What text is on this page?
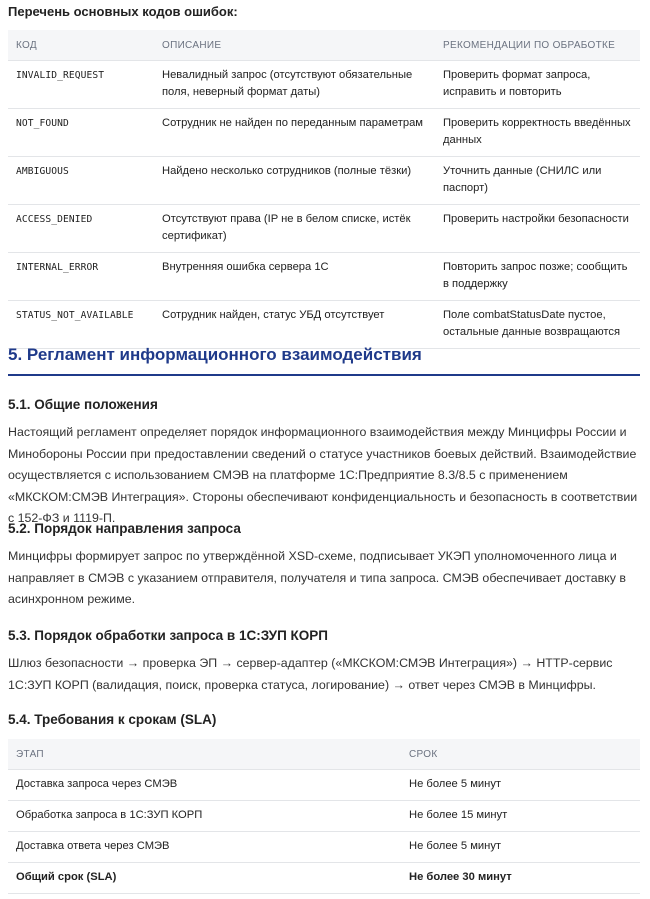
Перечень основных кодов ошибок:
КОД	ОПИСАНИЕ	РЕКОМЕНДАЦИИ ПО ОБРАБОТКЕ
INVALID_REQUEST	Невалидный запрос (отсутствуют обязательные поля, неверный формат даты)	Проверить формат запроса, исправить и повторить
NOT_FOUND	Сотрудник не найден по переданным параметрам	Проверить корректность введённых данных
AMBIGUOUS	Найдено несколько сотрудников (полные тёзки)	Уточнить данные (СНИЛС или паспорт)
ACCESS_DENIED	Отсутствуют права (IP не в белом списке, истёк сертификат)	Проверить настройки безопасности
INTERNAL_ERROR	Внутренняя ошибка сервера 1С	Повторить запрос позже; сообщить в поддержку
STATUS_NOT_AVAILABLE	Сотрудник найден, статус УБД отсутствует	Поле combatStatusDate пустое, остальные данные возвращаются
5. Регламент информационного взаимодействия
5.1. Общие положения

Настоящий регламент определяет порядок информационного взаимодействия между Минцифры России и Минобороны России при предоставлении сведений о статусе участников боевых действий. Взаимодействие осуществляется с использованием СМЭВ на платформе 1С:Предприятие 8.3/8.5 с применением «МКСКОМ:СМЭВ Интеграция». Стороны обеспечивают конфиденциальность и безопасность в соответствии с 152-ФЗ и 1119-П.

5.2. Порядок направления запроса

Минцифры формирует запрос по утверждённой XSD-схеме, подписывает УКЭП уполномоченного лица и направляет в СМЭВ с указанием отправителя, получателя и типа запроса. СМЭВ обеспечивает доставку в асинхронном режиме.

5.3. Порядок обработки запроса в 1С:ЗУП КОРП

Шлюз безопасности → проверка ЭП → сервер-адаптер («МКСКОМ:СМЭВ Интеграция») → HTTP-сервис 1С:ЗУП КОРП (валидация, поиск, проверка статуса, логирование) → ответ через СМЭВ в Минцифры.

5.4. Требования к срокам (SLA)
ЭТАП	СРОК
Доставка запроса через СМЭВ	Не более 5 минут
Обработка запроса в 1С:ЗУП КОРП	Не более 15 минут
Доставка ответа через СМЭВ	Не более 5 минут
Общий срок (SLA)	Не более 30 минут
